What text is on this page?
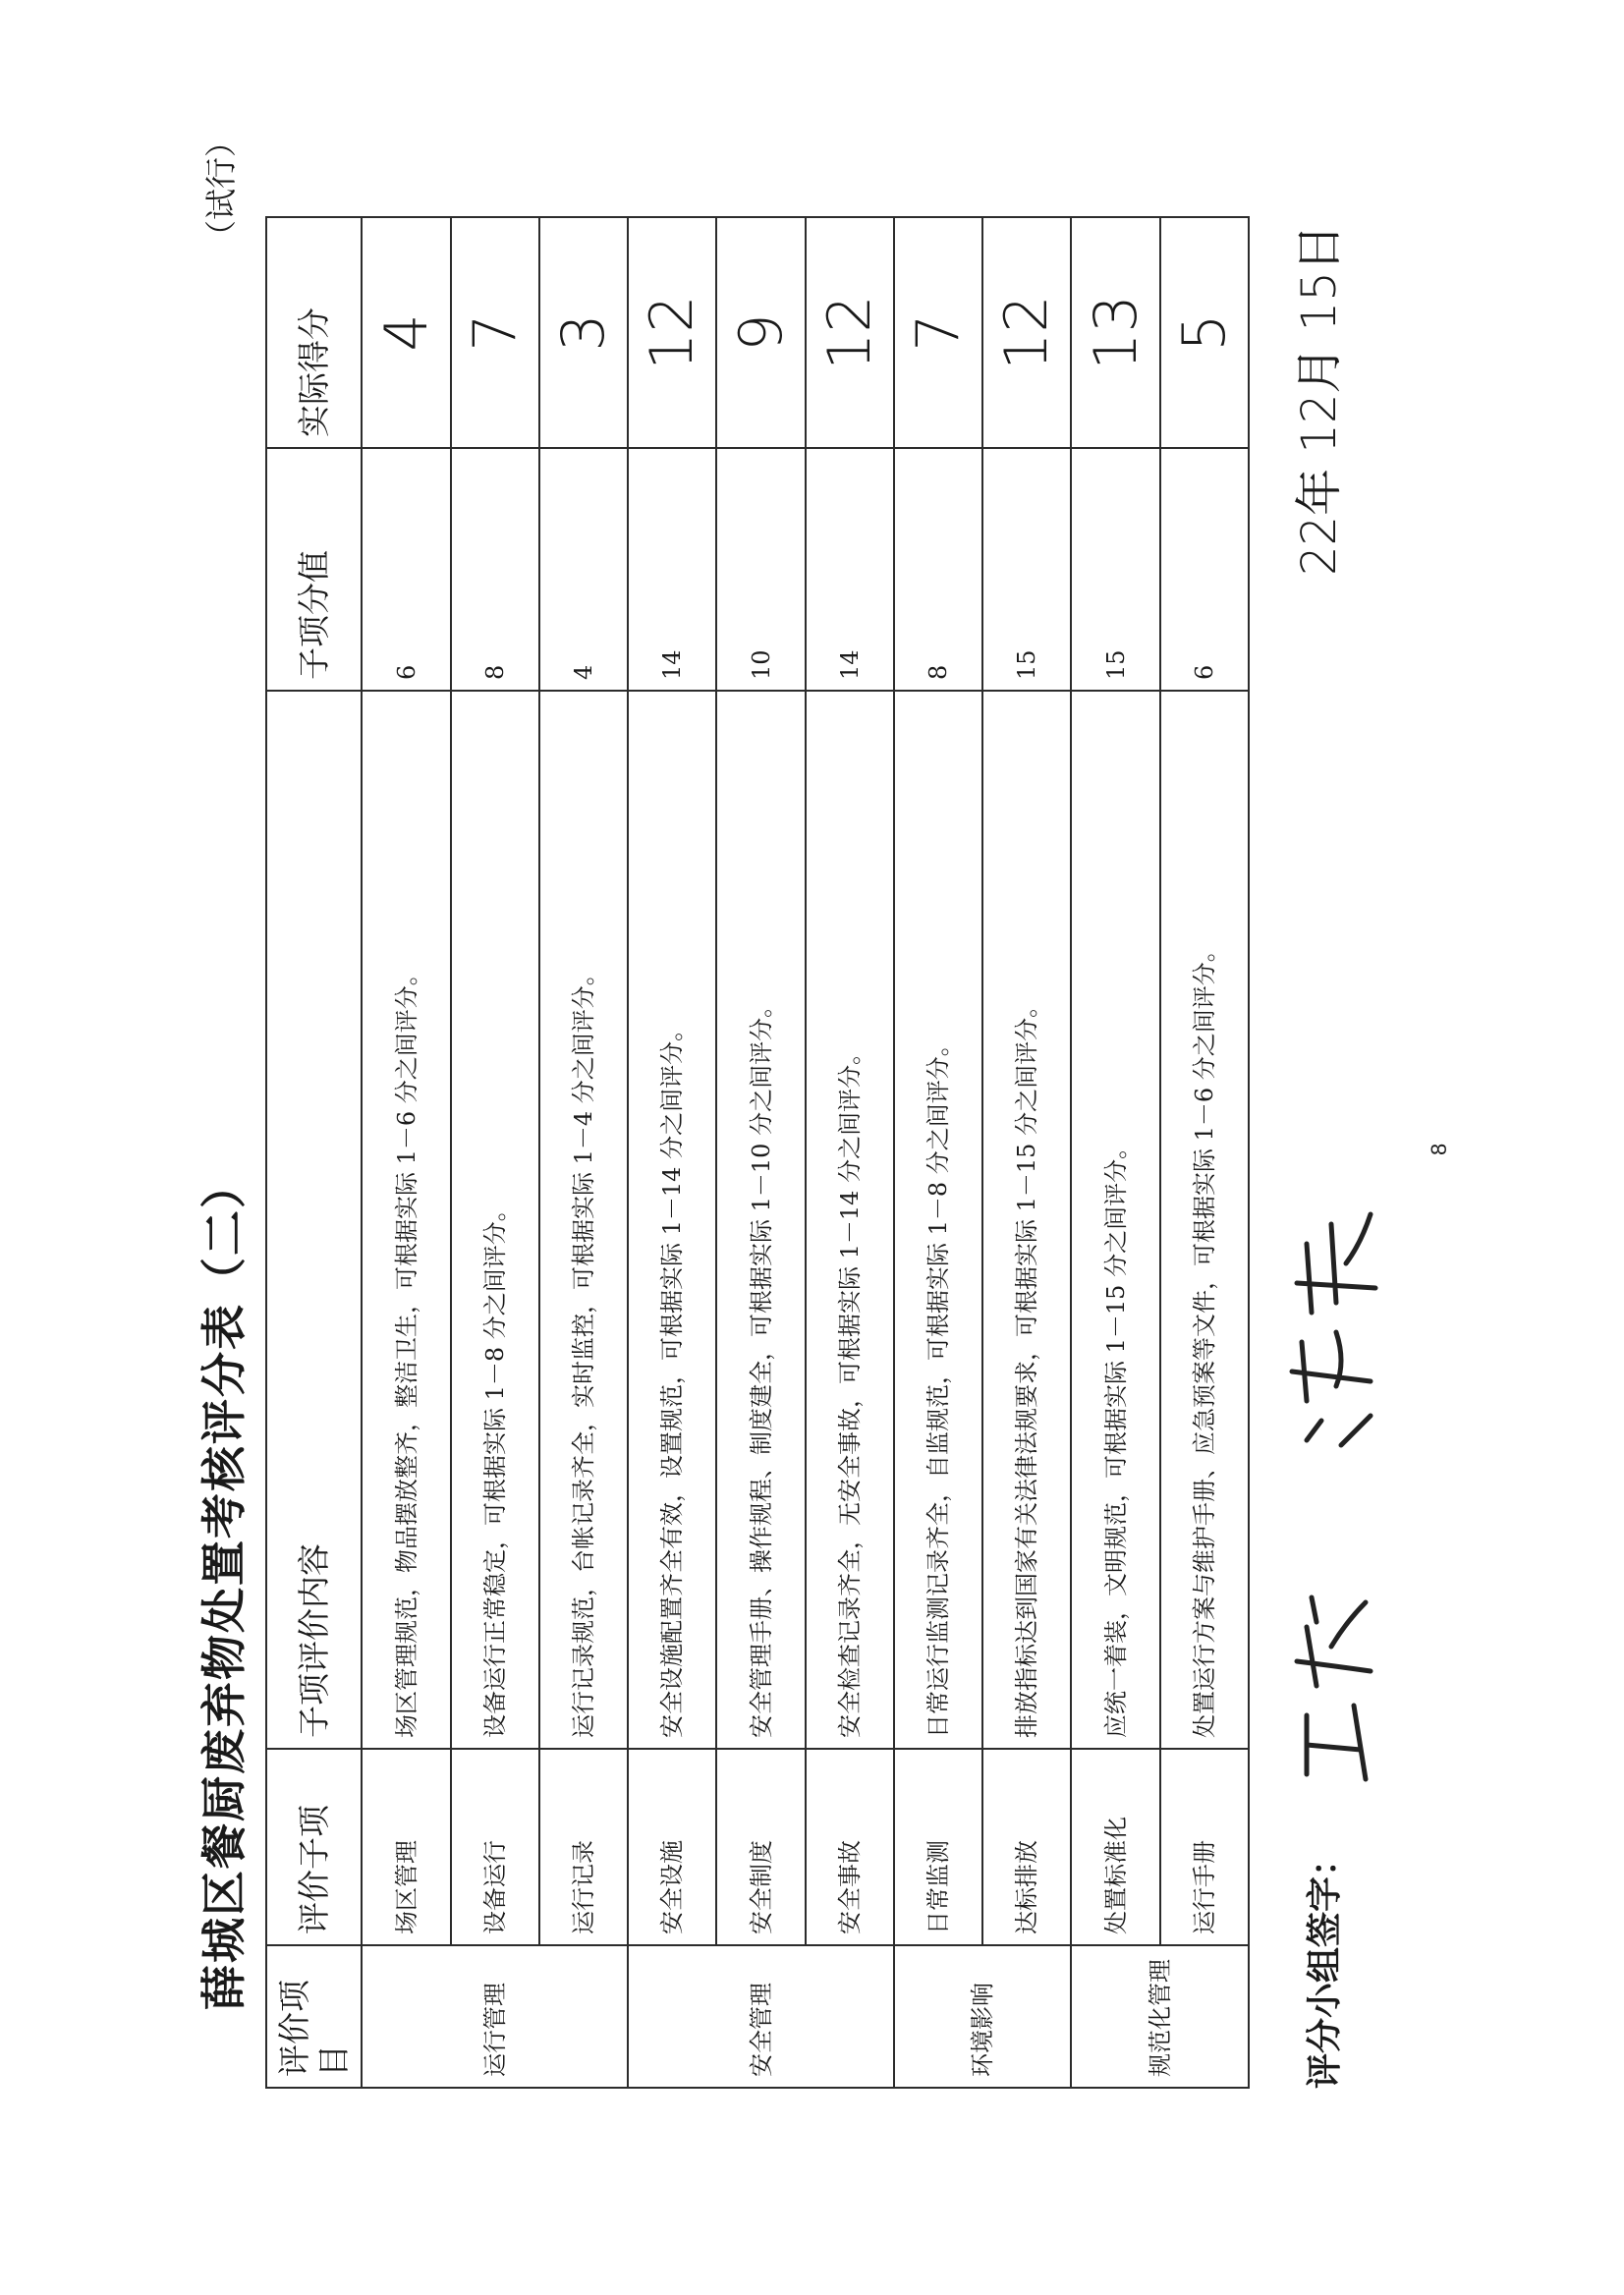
薛城区餐厨废弃物处置考核评分表（二）
（试行）
评价项目	评价子项	子项评价内容	子项分值	实际得分
运行管理	场区管理	场区管理规范，物品摆放整齐，整洁卫生，可根据实际 1－6 分之间评分。	6	4

	设备运行	设备运行正常稳定，可根据实际 1－8 分之间评分。	8	7

	运行记录	运行记录规范，台帐记录齐全，实时监控，可根据实际 1－4 分之间评分。	4	3

安全管理	安全设施	安全设施配置齐全有效，设置规范，可根据实际 1－14 分之间评分。	14	12

	安全制度	安全管理手册、操作规程、制度建全，可根据实际 1－10 分之间评分。	10	9

	安全事故	安全检查记录齐全，无安全事故，可根据实际 1－14 分之间评分。	14	12

环境影响	日常监测	日常运行监测记录齐全，自监规范，可根据实际 1－8 分之间评分。	8	7

	达标排放	排放指标达到国家有关法律法规要求，可根据实际 1－15 分之间评分。	15	12

规范化管理	处置标准化	应统一着装，文明规范，可根据实际 1－15 分之间评分。	15	13

	运行手册	处置运行方案与维护手册、应急预案等文件，可根据实际 1－6 分之间评分。	6	5
评分小组签字：
22年 12月 15日
8
